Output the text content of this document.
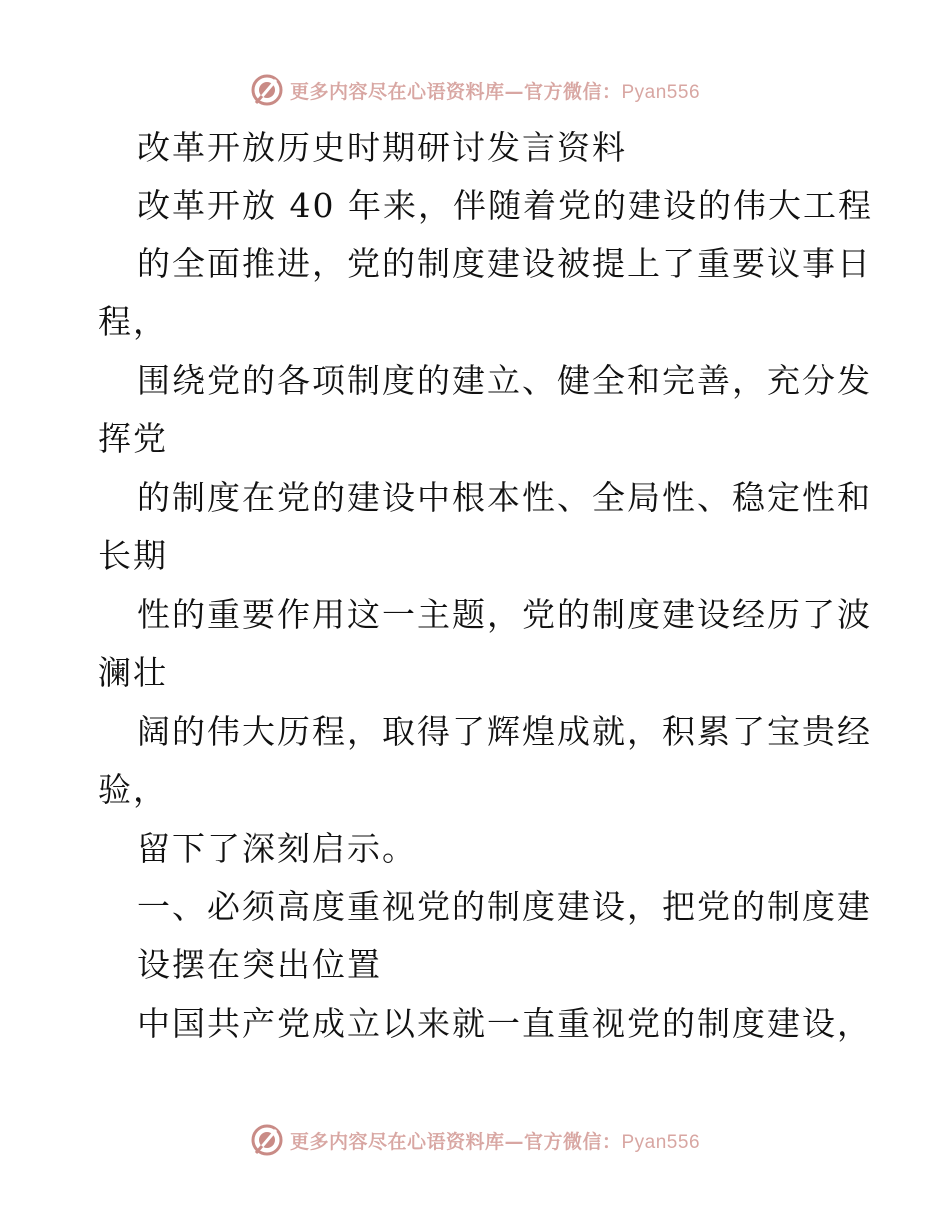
更多内容尽在心语资料库—官方微信：Pyan556
改革开放历史时期研讨发言资料
改革开放 40 年来，伴随着党的建设的伟大工程
的全面推进，党的制度建设被提上了重要议事日
程，
围绕党的各项制度的建立、健全和完善，充分发
挥党
的制度在党的建设中根本性、全局性、稳定性和
长期
性的重要作用这一主题，党的制度建设经历了波
澜壮
阔的伟大历程，取得了辉煌成就，积累了宝贵经
验，
留下了深刻启示。
一、必须高度重视党的制度建设，把党的制度建
设摆在突出位置
中国共产党成立以来就一直重视党的制度建设，
更多内容尽在心语资料库—官方微信：Pyan556
